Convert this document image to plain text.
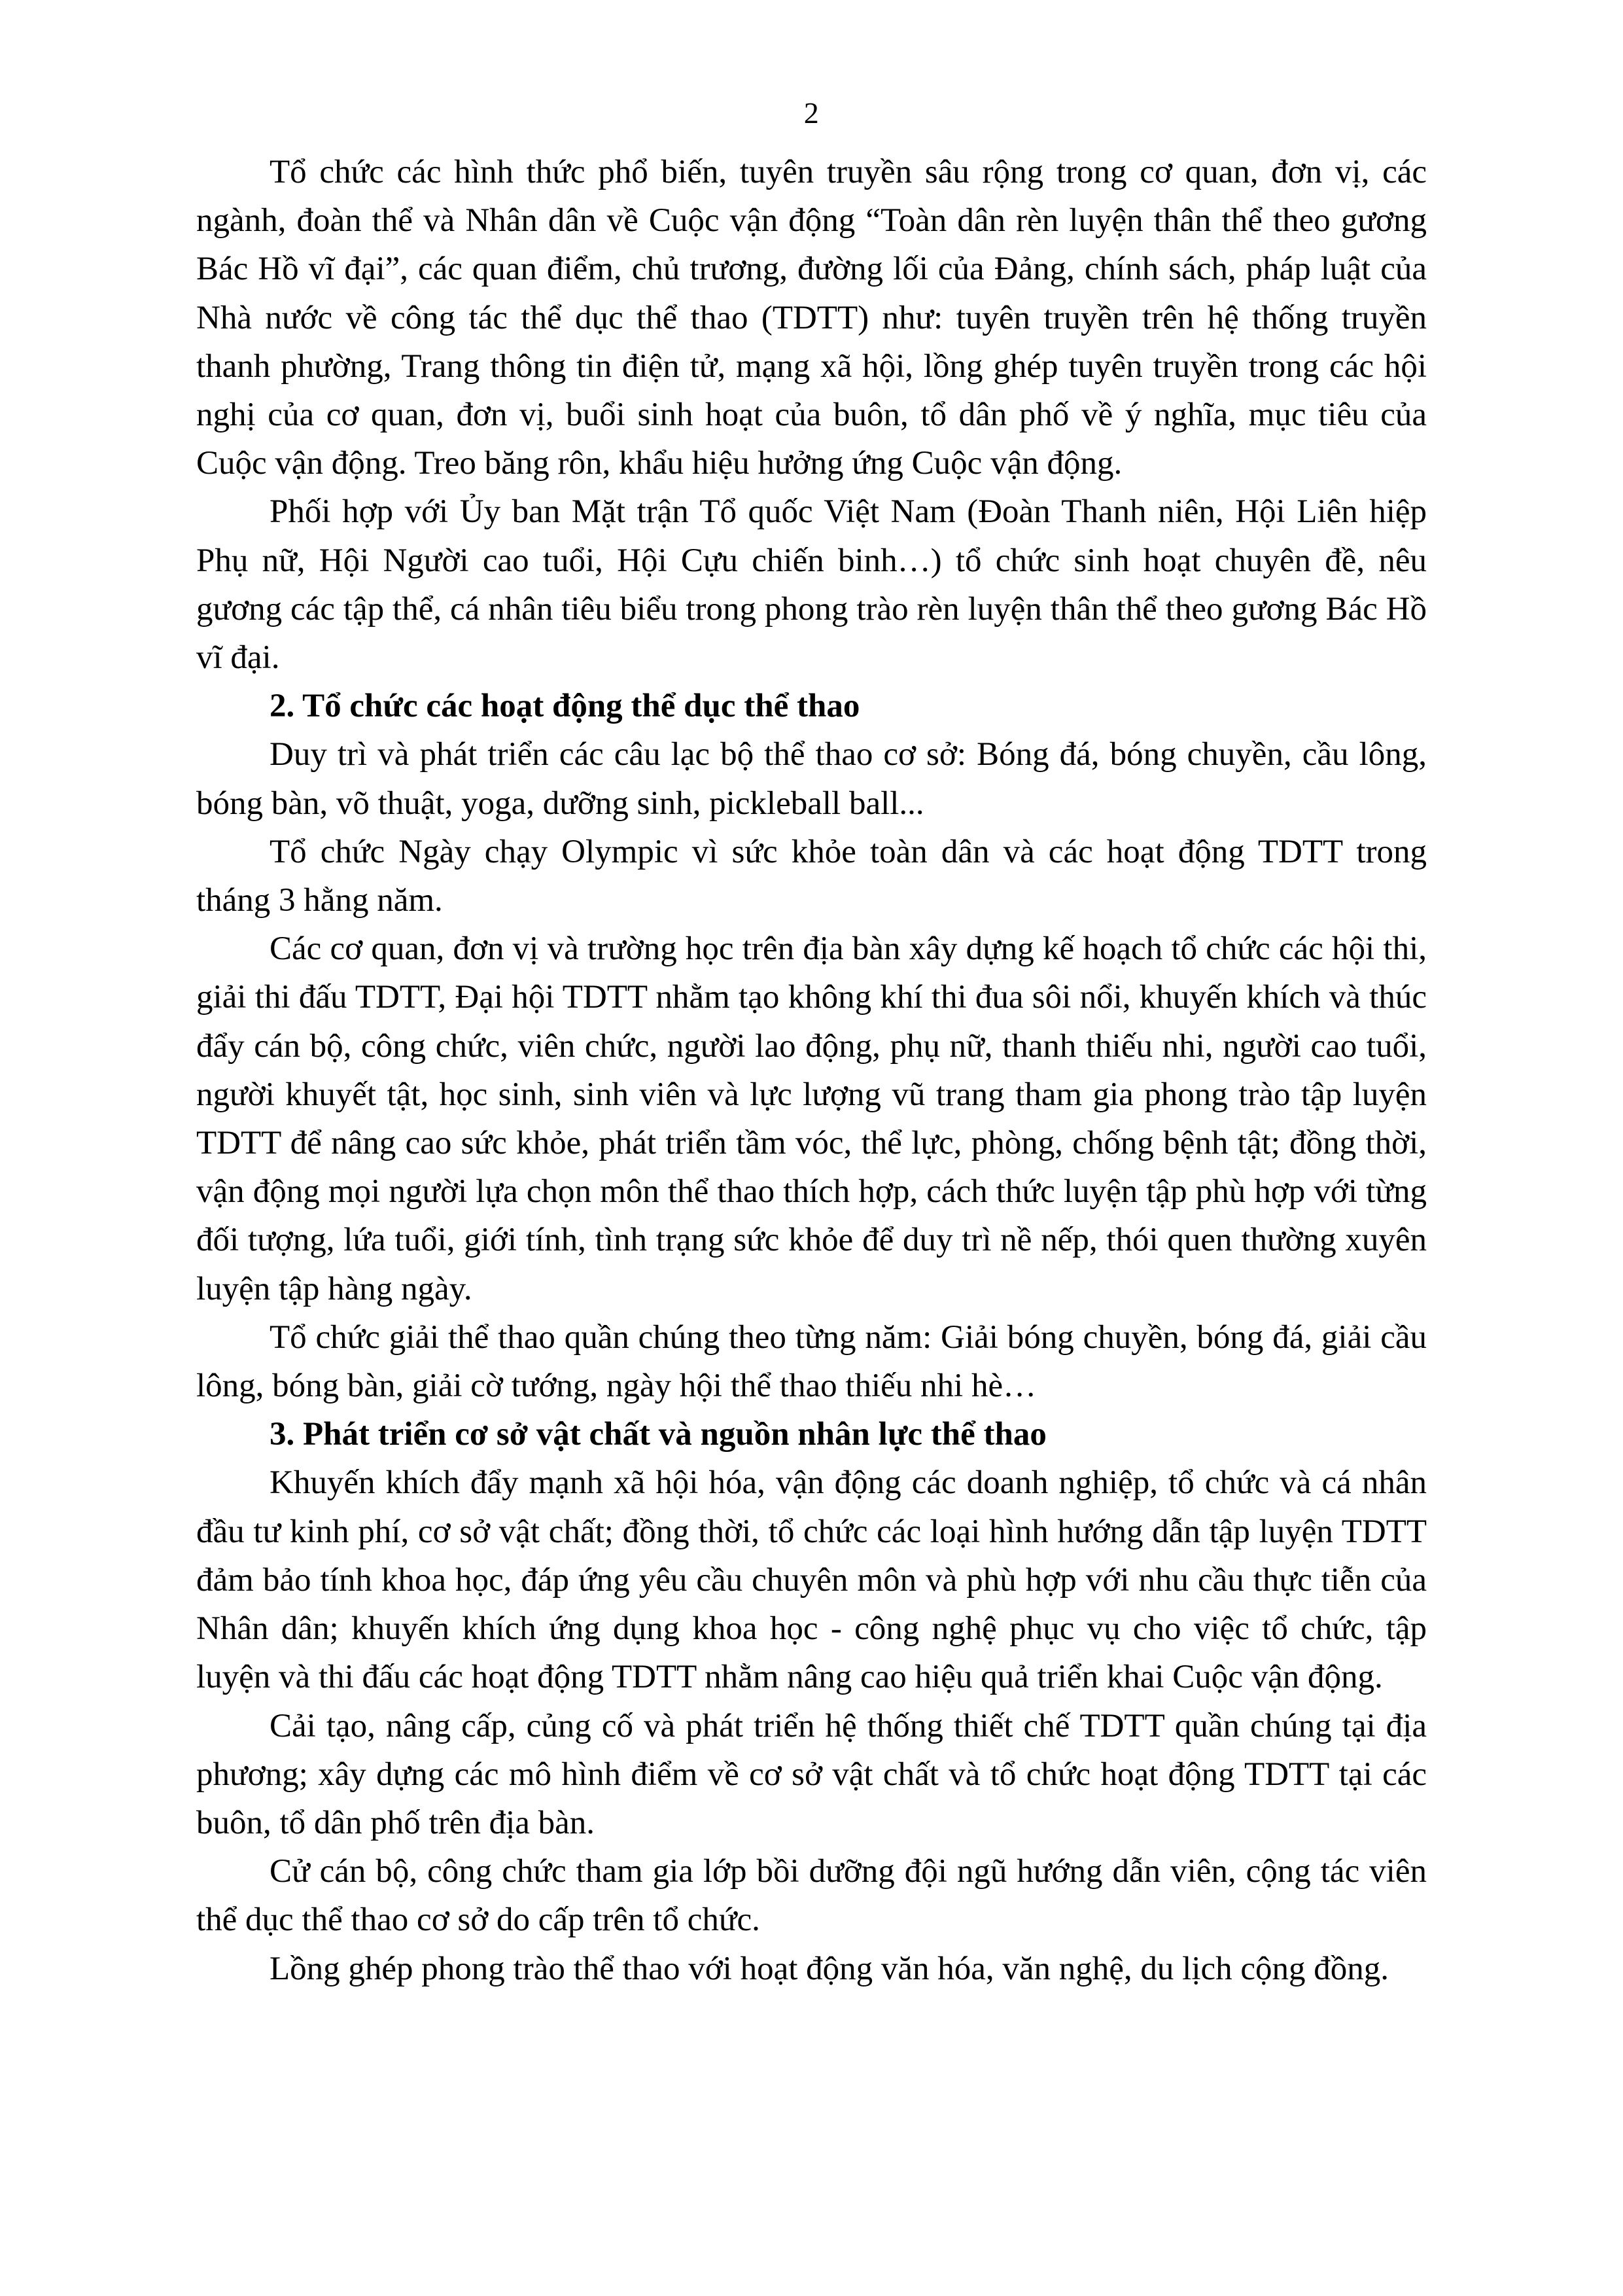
2

Tổ chức các hình thức phổ biến, tuyên truyền sâu rộng trong cơ quan, đơn vị, các ngành, đoàn thể và Nhân dân về Cuộc vận động “Toàn dân rèn luyện thân thể theo gương Bác Hồ vĩ đại”, các quan điểm, chủ trương, đường lối của Đảng, chính sách, pháp luật của Nhà nước về công tác thể dục thể thao (TDTT) như: tuyên truyền trên hệ thống truyền thanh phường, Trang thông tin điện tử, mạng xã hội, lồng ghép tuyên truyền trong các hội nghị của cơ quan, đơn vị, buổi sinh hoạt của buôn, tổ dân phố về ý nghĩa, mục tiêu của Cuộc vận động. Treo băng rôn, khẩu hiệu hưởng ứng Cuộc vận động.

Phối hợp với Ủy ban Mặt trận Tổ quốc Việt Nam (Đoàn Thanh niên, Hội Liên hiệp Phụ nữ, Hội Người cao tuổi, Hội Cựu chiến binh…) tổ chức sinh hoạt chuyên đề, nêu gương các tập thể, cá nhân tiêu biểu trong phong trào rèn luyện thân thể theo gương Bác Hồ vĩ đại.

2. Tổ chức các hoạt động thể dục thể thao

Duy trì và phát triển các câu lạc bộ thể thao cơ sở: Bóng đá, bóng chuyền, cầu lông, bóng bàn, võ thuật, yoga, dưỡng sinh, pickleball ball...

Tổ chức Ngày chạy Olympic vì sức khỏe toàn dân và các hoạt động TDTT trong tháng 3 hằng năm.

Các cơ quan, đơn vị và trường học trên địa bàn xây dựng kế hoạch tổ chức các hội thi, giải thi đấu TDTT, Đại hội TDTT nhằm tạo không khí thi đua sôi nổi, khuyến khích và thúc đẩy cán bộ, công chức, viên chức, người lao động, phụ nữ, thanh thiếu nhi, người cao tuổi, người khuyết tật, học sinh, sinh viên và lực lượng vũ trang tham gia phong trào tập luyện TDTT để nâng cao sức khỏe, phát triển tầm vóc, thể lực, phòng, chống bệnh tật; đồng thời, vận động mọi người lựa chọn môn thể thao thích hợp, cách thức luyện tập phù hợp với từng đối tượng, lứa tuổi, giới tính, tình trạng sức khỏe để duy trì nề nếp, thói quen thường xuyên luyện tập hàng ngày.

Tổ chức giải thể thao quần chúng theo từng năm: Giải bóng chuyền, bóng đá, giải cầu lông, bóng bàn, giải cờ tướng, ngày hội thể thao thiếu nhi hè…

3. Phát triển cơ sở vật chất và nguồn nhân lực thể thao

Khuyến khích đẩy mạnh xã hội hóa, vận động các doanh nghiệp, tổ chức và cá nhân đầu tư kinh phí, cơ sở vật chất; đồng thời, tổ chức các loại hình hướng dẫn tập luyện TDTT đảm bảo tính khoa học, đáp ứng yêu cầu chuyên môn và phù hợp với nhu cầu thực tiễn của Nhân dân; khuyến khích ứng dụng khoa học - công nghệ phục vụ cho việc tổ chức, tập luyện và thi đấu các hoạt động TDTT nhằm nâng cao hiệu quả triển khai Cuộc vận động.

Cải tạo, nâng cấp, củng cố và phát triển hệ thống thiết chế TDTT quần chúng tại địa phương; xây dựng các mô hình điểm về cơ sở vật chất và tổ chức hoạt động TDTT tại các buôn, tổ dân phố trên địa bàn.

Cử cán bộ, công chức tham gia lớp bồi dưỡng đội ngũ hướng dẫn viên, cộng tác viên thể dục thể thao cơ sở do cấp trên tổ chức.

Lồng ghép phong trào thể thao với hoạt động văn hóa, văn nghệ, du lịch cộng đồng.
